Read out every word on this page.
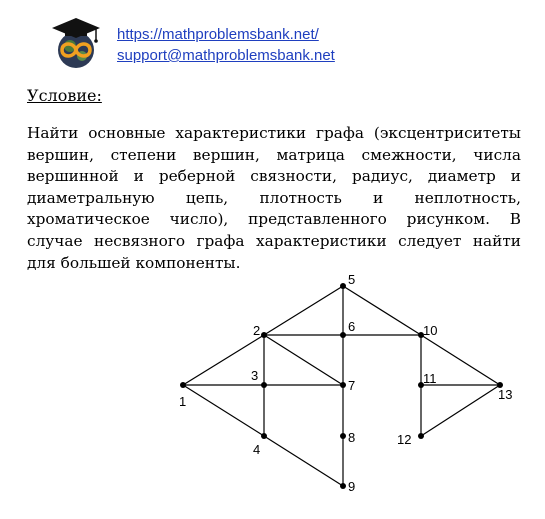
https://mathproblemsbank.net/
support@mathproblemsbank.net
Условие:
Найти основные характеристики графа (эксцентриситеты вершин, степени вершин, матрица смежности, числа вершинной и реберной связности, радиус, диаметр и диаметральную цепь, плотность и неплотность, хроматическое число), представленного рисунком. В случае несвязного графа характеристики следует найти для большей компоненты.
1
2
3
4
5
6
7
8
9
10
11
12
13
